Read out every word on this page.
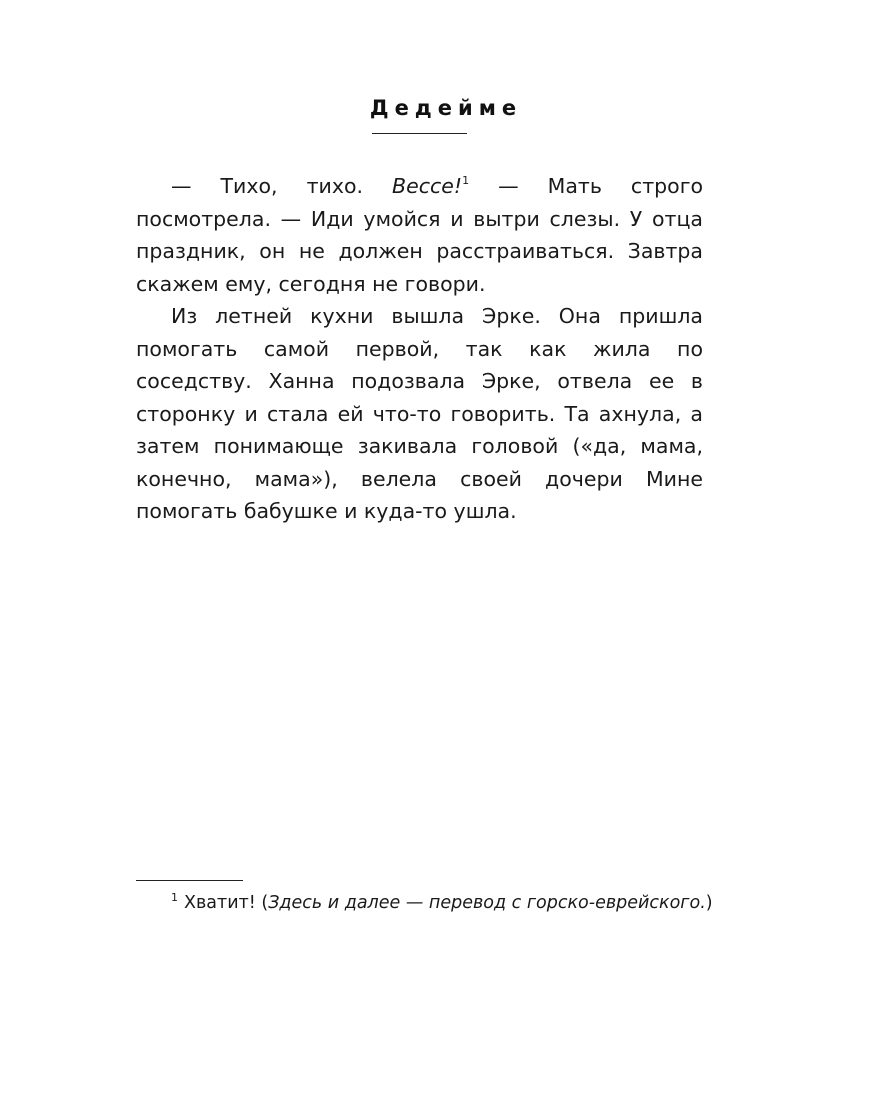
Дедейме

— Тихо, тихо. Becce!$^1$ — Мать строго посмотрела. — Иди умойся и вытри слезы. У отца праздник, он не должен расстраиваться. Завтра скажем ему, сегодня не говори.

Из летней кухни вышла Эрке. Она пришла помогать самой первой, так как жила по соседству. Ханна подозвала Эрке, отвела ее в сторонку и стала ей что-то говорить. Та ахнула, а затем понимающе закивала головой («да, мама, конечно, мама»), велела своей дочери Мине помогать бабушке и куда-то ушла.

$^1$ Хватит! (Здесь и далее — перевод с горско-еврейского.)
